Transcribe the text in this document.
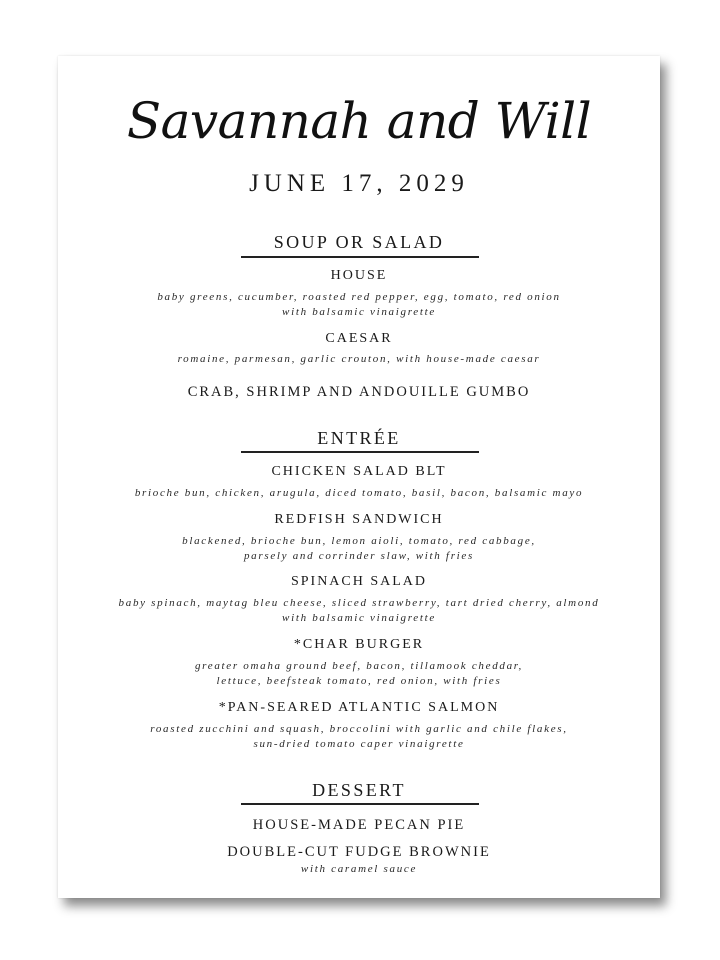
Savannah and Will
JUNE 17, 2029
SOUP OR SALAD
HOUSE
baby greens, cucumber, roasted red pepper, egg, tomato, red onion
with balsamic vinaigrette
CAESAR
romaine, parmesan, garlic crouton, with house-made caesar
CRAB, SHRIMP AND ANDOUILLE GUMBO
ENTRÉE
CHICKEN SALAD BLT
brioche bun, chicken, arugula, diced tomato, basil, bacon, balsamic mayo
REDFISH SANDWICH
blackened, brioche bun, lemon aioli, tomato, red cabbage,
parsely and corrinder slaw, with fries
SPINACH SALAD
baby spinach, maytag bleu cheese, sliced strawberry, tart dried cherry, almond
with balsamic vinaigrette
*CHAR BURGER
greater omaha ground beef, bacon, tillamook cheddar,
lettuce, beefsteak tomato, red onion, with fries
*PAN-SEARED ATLANTIC SALMON
roasted zucchini and squash, broccolini with garlic and chile flakes,
sun-dried tomato caper vinaigrette
DESSERT
HOUSE-MADE PECAN PIE
DOUBLE-CUT FUDGE BROWNIE
with caramel sauce
